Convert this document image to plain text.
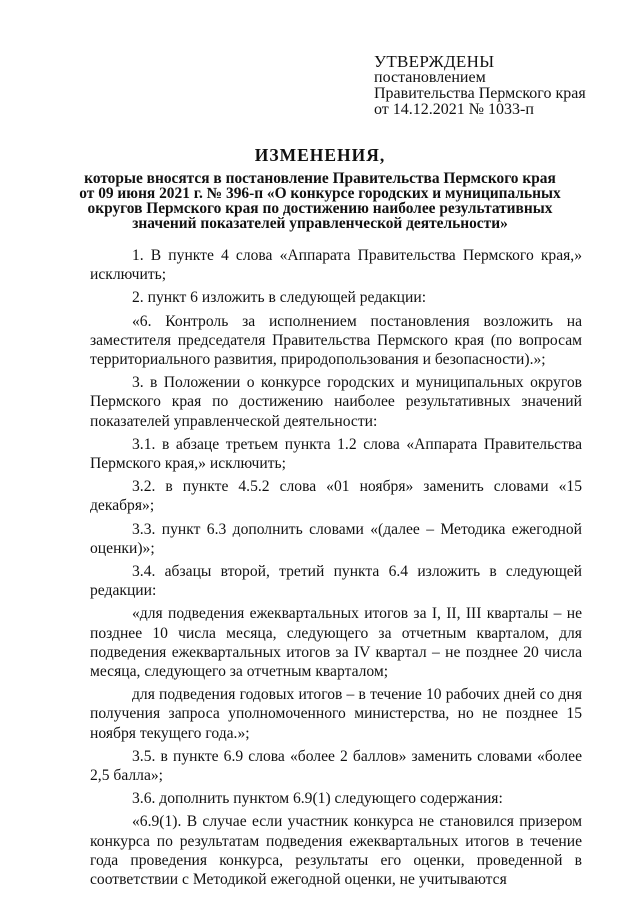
УТВЕРЖДЕНЫ
постановлением
Правительства Пермского края
от 14.12.2021 № 1033-п
ИЗМЕНЕНИЯ,
которые вносятся в постановление Правительства Пермского края
от 09 июня 2021 г. № 396-п «О конкурсе городских и муниципальных
округов Пермского края по достижению наиболее результативных
значений показателей управленческой деятельности»

1. В пункте 4 слова «Аппарата Правительства Пермского края,» исключить;

2. пункт 6 изложить в следующей редакции:

«6. Контроль за исполнением постановления возложить на заместителя председателя Правительства Пермского края (по вопросам территориального развития, природопользования и безопасности).»;

3. в Положении о конкурсе городских и муниципальных округов Пермского края по достижению наиболее результативных значений показателей управленческой деятельности:

3.1. в абзаце третьем пункта 1.2 слова «Аппарата Правительства Пермского края,» исключить;

3.2. в пункте 4.5.2 слова «01 ноября» заменить словами «15 декабря»;

3.3. пункт 6.3 дополнить словами «(далее – Методика ежегодной оценки)»;

3.4. абзацы второй, третий пункта 6.4 изложить в следующей редакции:

«для подведения ежеквартальных итогов за I, II, III кварталы – не позднее 10 числа месяца, следующего за отчетным кварталом, для подведения ежеквартальных итогов за IV квартал – не позднее 20 числа месяца, следующего за отчетным кварталом;

для подведения годовых итогов – в течение 10 рабочих дней со дня получения запроса уполномоченного министерства, но не позднее 15 ноября текущего года.»;

3.5. в пункте 6.9 слова «более 2 баллов» заменить словами «более 2,5 балла»;

3.6. дополнить пунктом 6.9(1) следующего содержания:

«6.9(1). В случае если участник конкурса не становился призером конкурса по результатам подведения ежеквартальных итогов в течение года проведения конкурса, результаты его оценки, проведенной в соответствии с Методикой ежегодной оценки, не учитываются
